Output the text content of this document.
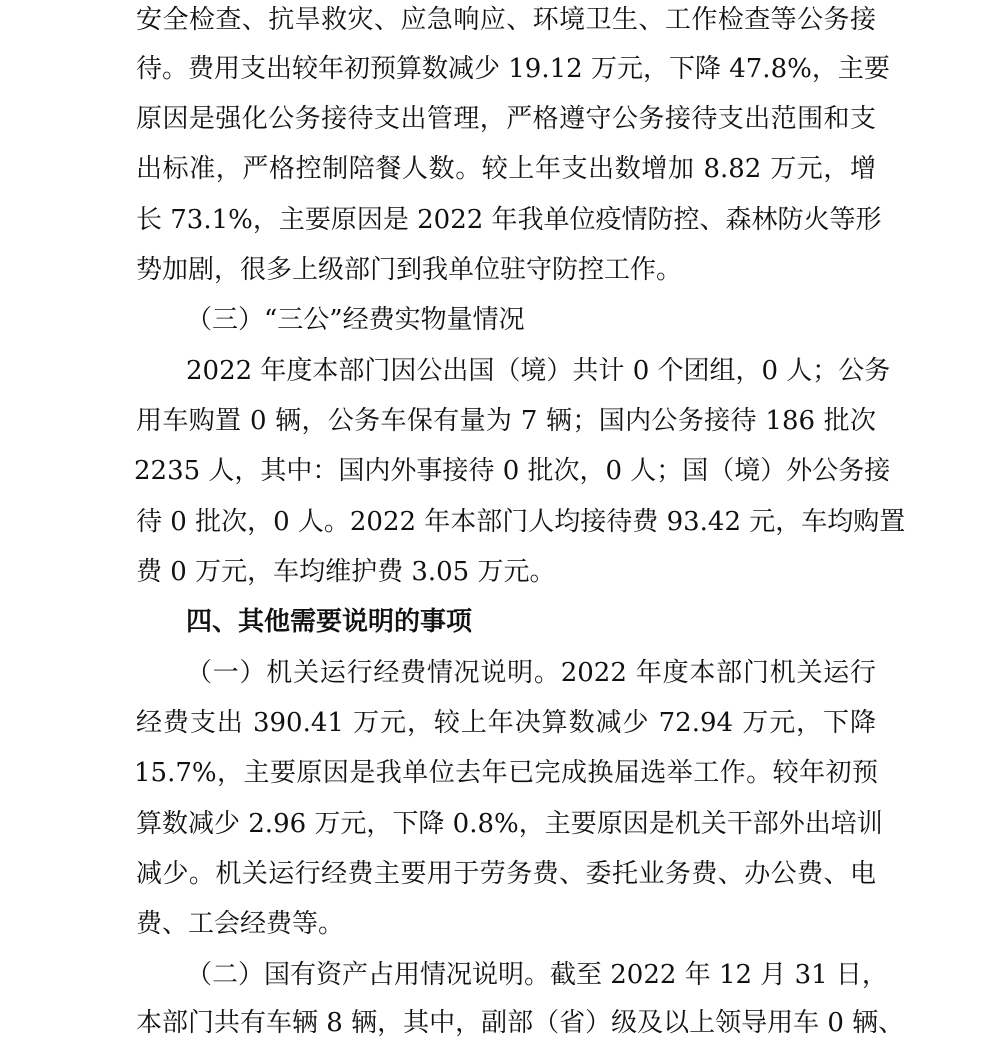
安全检查、抗旱救灾、应急响应、环境卫生、工作检查等公务接
待。费用支出较年初预算数减少 19.12 万元，下降 47.8%，主要
原因是强化公务接待支出管理，严格遵守公务接待支出范围和支
出标准，严格控制陪餐人数。较上年支出数增加 8.82 万元，增
长 73.1%，主要原因是 2022 年我单位疫情防控、森林防火等形
势加剧，很多上级部门到我单位驻守防控工作。
（三）“三公”经费实物量情况
2022 年度本部门因公出国（境）共计 0 个团组，0 人；公务
用车购置 0 辆，公务车保有量为 7 辆；国内公务接待 186 批次
2235 人，其中：国内外事接待 0 批次，0 人；国（境）外公务接
待 0 批次，0 人。2022 年本部门人均接待费 93.42 元，车均购置
费 0 万元，车均维护费 3.05 万元。
四、其他需要说明的事项
（一）机关运行经费情况说明。2022 年度本部门机关运行
经费支出 390.41 万元，较上年决算数减少 72.94 万元，下降
15.7%，主要原因是我单位去年已完成换届选举工作。较年初预
算数减少 2.96 万元，下降 0.8%，主要原因是机关干部外出培训
减少。机关运行经费主要用于劳务费、委托业务费、办公费、电
费、工会经费等。
（二）国有资产占用情况说明。截至 2022 年 12 月 31 日，
本部门共有车辆 8 辆，其中，副部（省）级及以上领导用车 0 辆、
